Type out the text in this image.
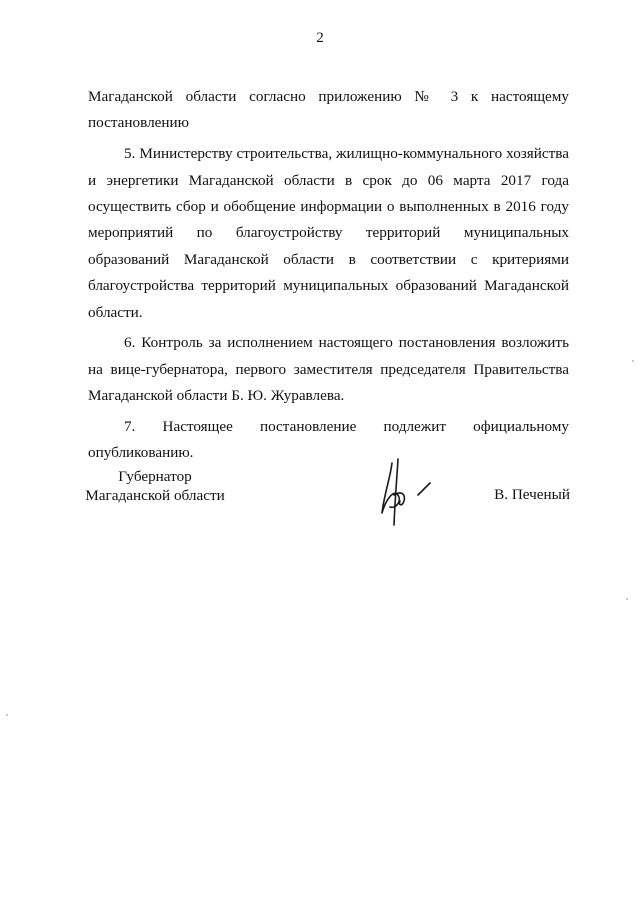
2

Магаданской области согласно приложению № 3 к настоящему постановлению

5. Министерству строительства, жилищно-коммунального хозяйства и энергетики Магаданской области в срок до 06 марта 2017 года осуществить сбор и обобщение информации о выполненных в 2016 году мероприятий по благоустройству территорий муниципальных образований Магаданской области в соответствии с критериями благоустройства территорий муниципальных образований Магаданской области.

6. Контроль за исполнением настоящего постановления возложить на вице-губернатора, первого заместителя председателя Правительства Магаданской области Б. Ю. Журавлева.

7. Настоящее постановление подлежит официальному опубликованию.

Губернатор
Магаданской области	В. Печеный
